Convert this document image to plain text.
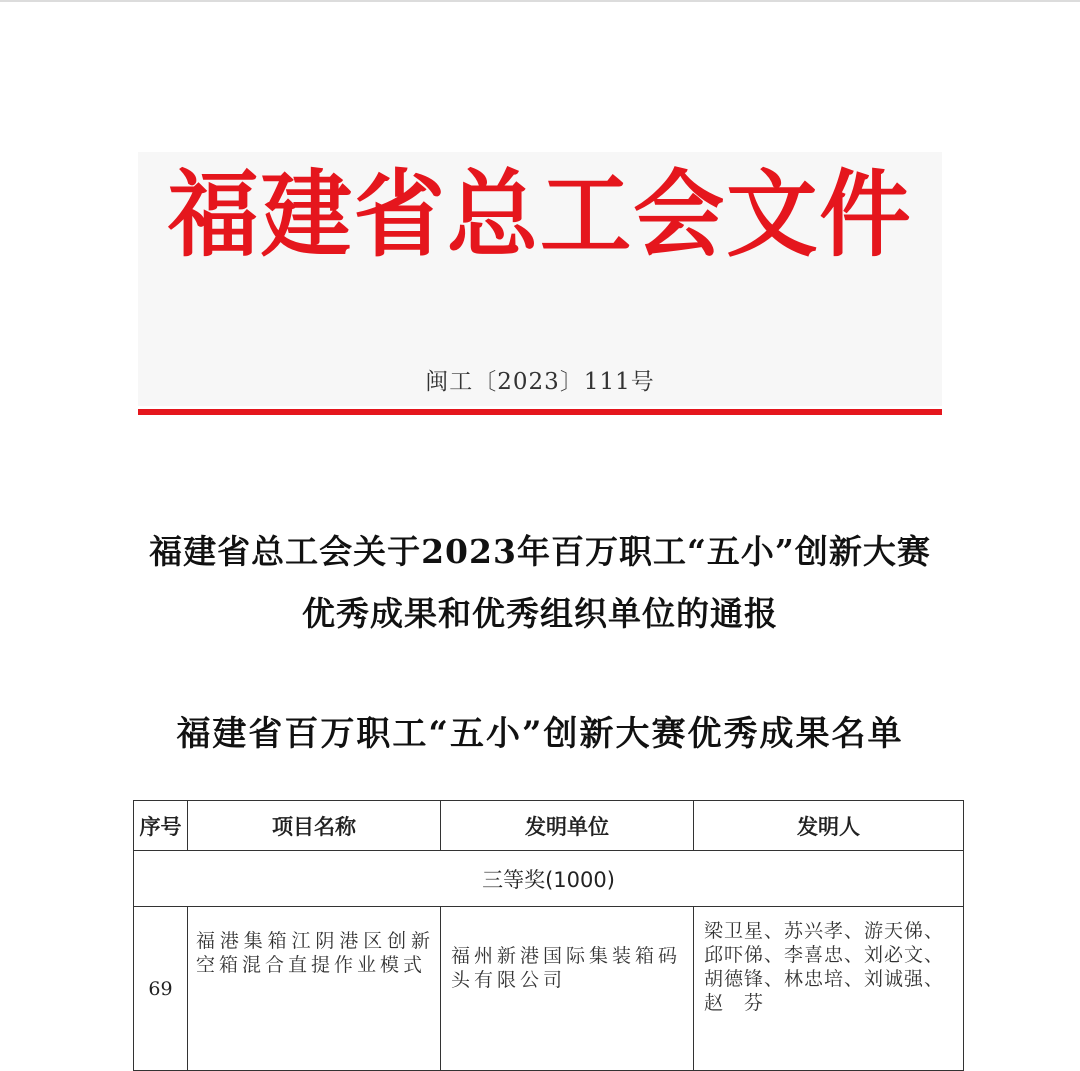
福建省总工会文件
闽工〔2023〕111号
福建省总工会关于2023年百万职工“五小”创新大赛
优秀成果和优秀组织单位的通报
福建省百万职工“五小”创新大赛优秀成果名单
序号	项目名称	发明单位	发明人
三等奖(1000)			
69	福港集箱江阴港区创新空箱混合直提作业模式	福州新港国际集装箱码头有限公司	梁卫星、苏兴孝、游天俤、
邱吓俤、李喜忠、刘必文、
胡德锋、林忠培、刘诚强、
赵　芬
